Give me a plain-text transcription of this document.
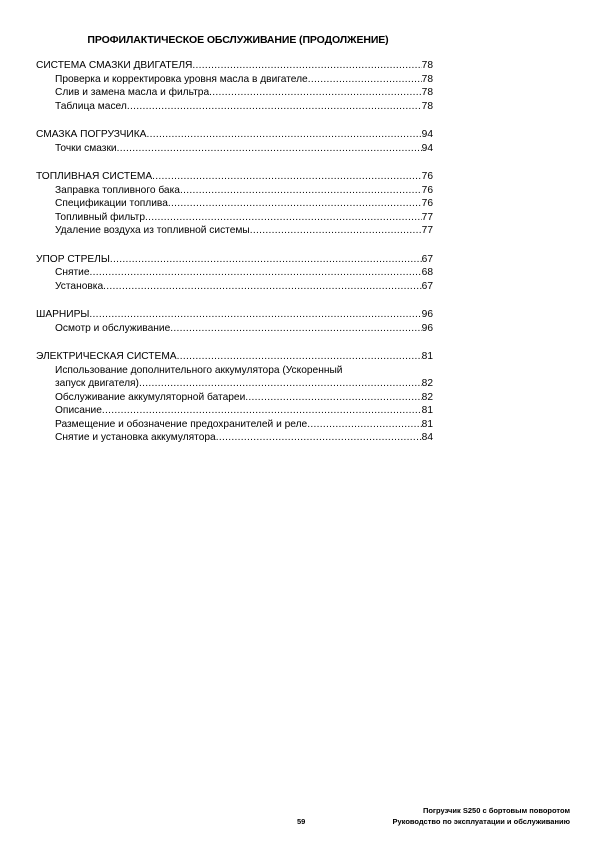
ПРОФИЛАКТИЧЕСКОЕ ОБСЛУЖИВАНИЕ (ПРОДОЛЖЕНИЕ)
СИСТЕМА СМАЗКИ ДВИГАТЕЛЯ .....	78
Проверка и корректировка уровня масла в двигателе .....	78
Слив и замена масла и фильтра .....	78
Таблица масел .....	78
СМАЗКА ПОГРУЗЧИКА .....	94
Точки смазки .....	94
ТОПЛИВНАЯ СИСТЕМА .....	76
Заправка топливного бака .....	76
Спецификации топлива .....	76
Топливный фильтр .....	77
Удаление воздуха из топливной системы .....	77
УПОР СТРЕЛЫ .....	67
Снятие .....	68
Установка .....	67
ШАРНИРЫ .....	96
Осмотр и обслуживание .....	96
ЭЛЕКТРИЧЕСКАЯ СИСТЕМА .....	81
Использование дополнительного аккумулятора (Ускоренный
запуск двигателя) .....	82
Обслуживание аккумуляторной батареи .....	82
Описание .....	81
Размещение и обозначение предохранителей и реле .....	81
Снятие и установка аккумулятора .....	84
Погрузчик S250 с бортовым поворотом
59	Руководство по эксплуатации и обслуживанию
